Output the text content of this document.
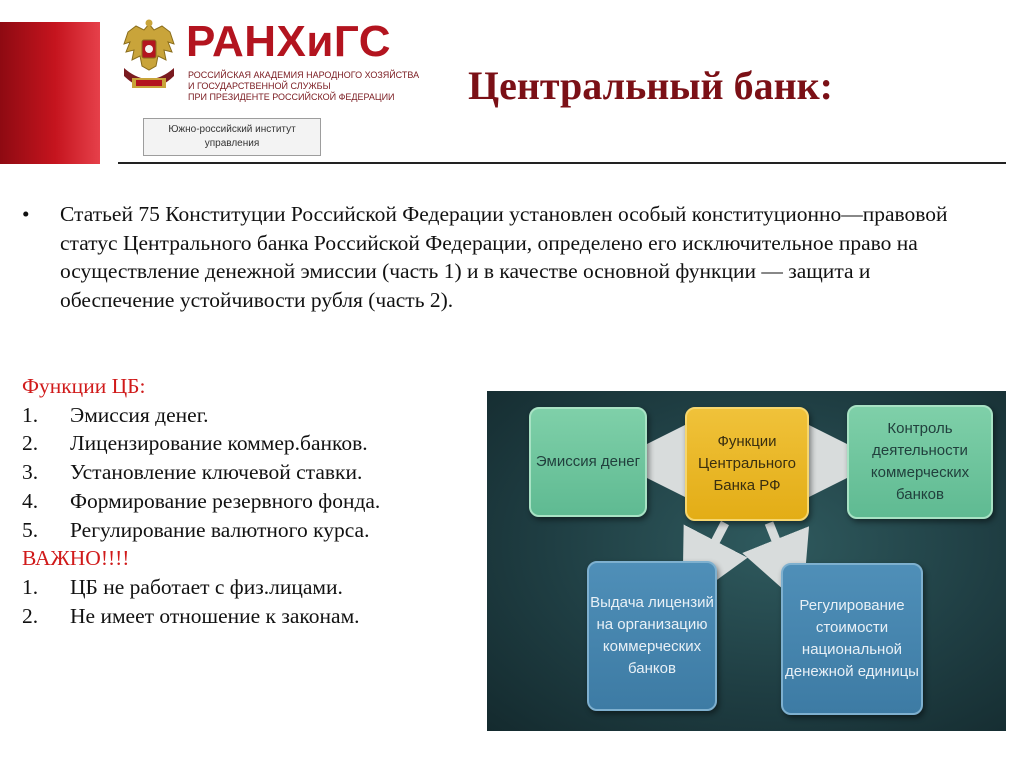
РАНХиГС
РОССИЙСКАЯ АКАДЕМИЯ НАРОДНОГО ХОЗЯЙСТВА
И ГОСУДАРСТВЕННОЙ СЛУЖБЫ
ПРИ ПРЕЗИДЕНТЕ РОССИЙСКОЙ ФЕДЕРАЦИИ
Южно-российский институт
управления
Центральный банк:
• Статьей 75 Конституции Российской Федерации установлен особый конституционно—правовой статус Центрального банка Российской Федерации, определено его исключительное право на осуществление денежной эмиссии (часть 1) и в качестве основной функции — защита и обеспечение устойчивости рубля (часть 2).
Функции ЦБ:
1.	Эмиссия денег.
2.	Лицензирование коммер.банков.
3.	Установление ключевой ставки.
4.	Формирование резервного фонда.
5.	Регулирование валютного курса.
ВАЖНО!!!!
1.	ЦБ не работает с физ.лицами.
2.	Не имеет отношение к законам.
Эмиссия денег
Функции Центрального Банка РФ
Контроль деятельности коммерческих банков
Выдача лицензий на организацию коммерческих банков
Регулирование стоимости национальной денежной единицы
